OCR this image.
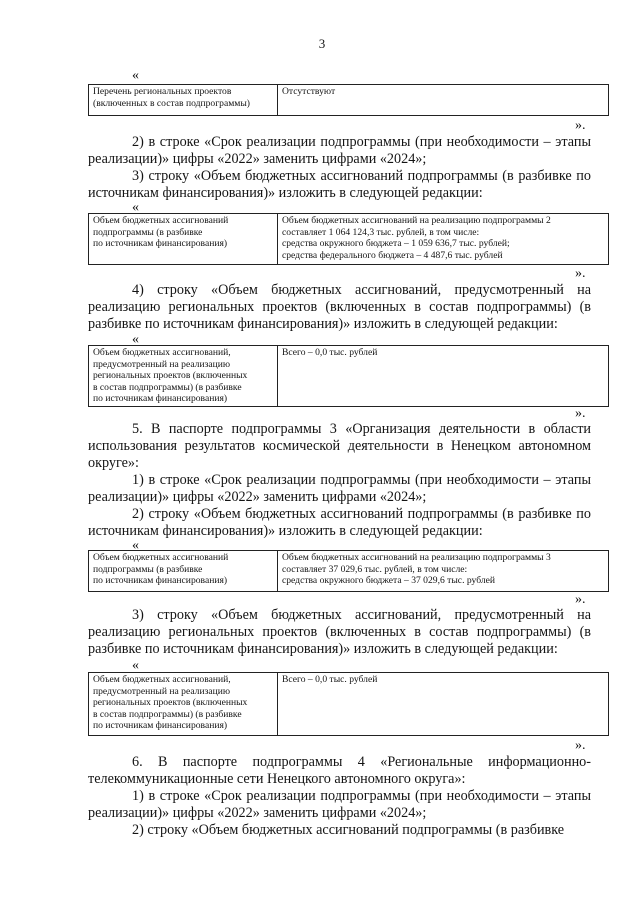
3
«
Перечень региональных проектов
(включенных в состав подпрограммы)

Отсутствуют
».
2) в строке «Срок реализации подпрограммы (при необходимости – этапы реализации)» цифры «2022» заменить цифрами «2024»;
3) строку «Объем бюджетных ассигнований подпрограммы (в разбивке по источникам финансирования)» изложить в следующей редакции:
«
Объем бюджетных ассигнований
подпрограммы (в разбивке
по источникам финансирования)

Объем бюджетных ассигнований на реализацию подпрограммы 2
составляет 1 064 124,3 тыс. рублей, в том числе:
средства окружного бюджета – 1 059 636,7 тыс. рублей;
средства федерального бюджета – 4 487,6 тыс. рублей
».
4) строку «Объем бюджетных ассигнований, предусмотренный на реализацию региональных проектов (включенных в состав подпрограммы) (в разбивке по источникам финансирования)» изложить в следующей редакции:
«
Объем бюджетных ассигнований,
предусмотренный на реализацию
региональных проектов (включенных
в состав подпрограммы) (в разбивке
по источникам финансирования)

Всего – 0,0 тыс. рублей
».
5. В паспорте подпрограммы 3 «Организация деятельности в области использования результатов космической деятельности в Ненецком автономном округе»:
1) в строке «Срок реализации подпрограммы (при необходимости – этапы реализации)» цифры «2022» заменить цифрами «2024»;
2) строку «Объем бюджетных ассигнований подпрограммы (в разбивке по источникам финансирования)» изложить в следующей редакции:
«
Объем бюджетных ассигнований
подпрограммы (в разбивке
по источникам финансирования)

Объем бюджетных ассигнований на реализацию подпрограммы 3
составляет 37 029,6 тыс. рублей, в том числе:
средства окружного бюджета – 37 029,6 тыс. рублей
».
3) строку «Объем бюджетных ассигнований, предусмотренный на реализацию региональных проектов (включенных в состав подпрограммы) (в разбивке по источникам финансирования)» изложить в следующей редакции:
«
Объем бюджетных ассигнований,
предусмотренный на реализацию
региональных проектов (включенных
в состав подпрограммы) (в разбивке
по источникам финансирования)

Всего – 0,0 тыс. рублей
».
6. В паспорте подпрограммы 4 «Региональные информационно-телекоммуникационные сети Ненецкого автономного округа»:
1) в строке «Срок реализации подпрограммы (при необходимости – этапы реализации)» цифры «2022» заменить цифрами «2024»;
2) строку «Объем бюджетных ассигнований подпрограммы (в разбивке
